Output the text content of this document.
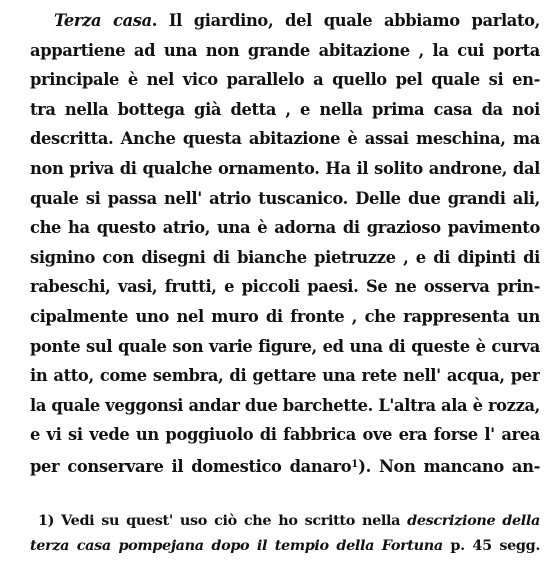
Terza casa. Il giardino, del quale abbiamo parlato,
appartiene ad una non grande abitazione , la cui porta
principale è nel vico parallelo a quello pel quale si en-
tra nella bottega già detta , e nella prima casa da noi
descritta. Anche questa abitazione è assai meschina, ma
non priva di qualche ornamento. Ha il solito androne, dal
quale si passa nell' atrio tuscanico. Delle due grandi ali,
che ha questo atrio, una è adorna di grazioso pavimento
signino con disegni di bianche pietruzze , e di dipinti di
rabeschi, vasi, frutti, e piccoli paesi. Se ne osserva prin-
cipalmente uno nel muro di fronte , che rappresenta un
ponte sul quale son varie figure, ed una di queste è curva
in atto, come sembra, di gettare una rete nell' acqua, per
la quale veggonsi andar due barchette. L'altra ala è rozza,
e vi si vede un poggiuolo di fabbrica ove era forse l' area
per conservare il domestico danaro$^1$). Non mancano an-
1) Vedi su quest' uso ciò che ho scritto nella descrizione della
terza casa pompejana dopo il tempio della Fortuna p. 45 segg.
